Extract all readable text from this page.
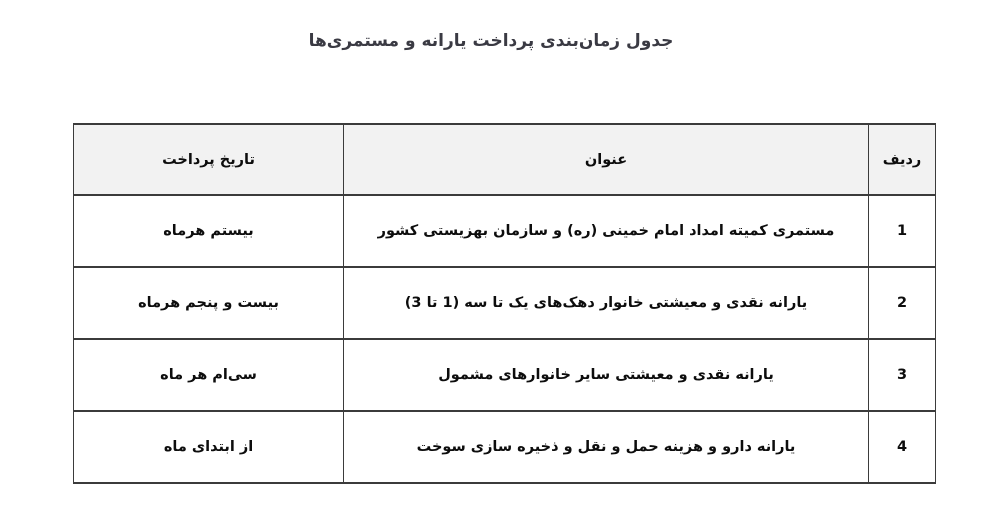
جدول زمان‌بندی پرداخت یارانه و مستمری‌ها
ردیف	عنوان	تاریخ پرداخت
1	مستمری کمیته امداد امام خمینی (ره) و سازمان بهزیستی کشور	بیستم هرماه
2	یارانه نقدی و معیشتی خانوار دهک‌های یک تا سه (1 تا 3)	بیست و پنجم هرماه
3	یارانه نقدی و معیشتی سایر خانوارهای مشمول	سی‌ام هر ماه
4	یارانه دارو و هزینه حمل و نقل و ذخیره سازی سوخت	از ابتدای ماه
